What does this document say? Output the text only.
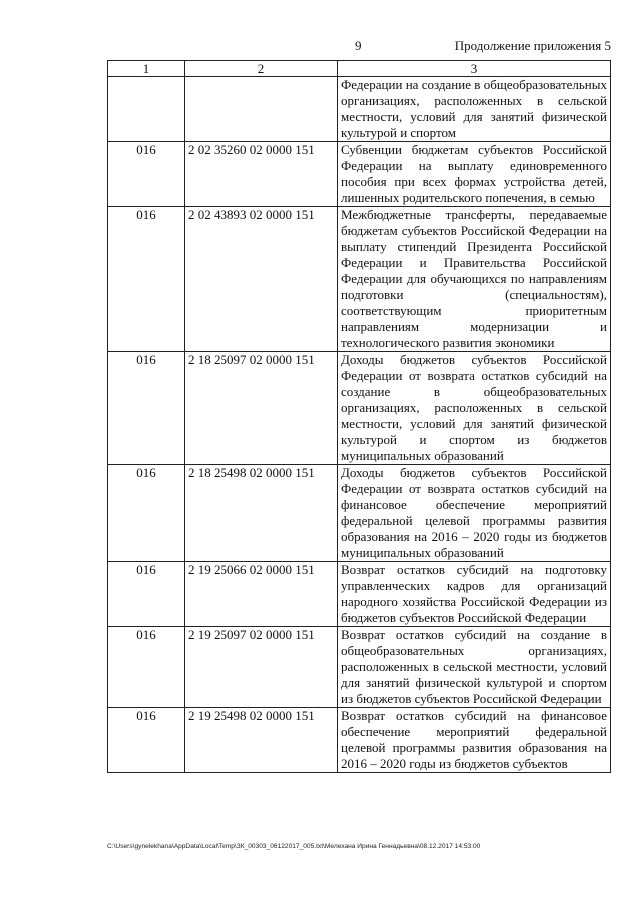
9	Продолжение приложения 5
1	2	3
		Федерации на создание в общеобразовательных организациях, расположенных в сельской местности, условий для занятий физической культурой и спортом
016	2 02 35260 02 0000 151	Субвенции бюджетам субъектов Российской Федерации на выплату единовременного пособия при всех формах устройства детей, лишенных родительского попечения, в семью
016	2 02 43893 02 0000 151	Межбюджетные трансферты, передаваемые бюджетам субъектов Российской Федерации на выплату стипендий Президента Российской Федерации и Правительства Российской Федерации для обучающихся по направлениям подготовки (специальностям), соответствующим приоритетным направлениям модернизации и технологического развития экономики
016	2 18 25097 02 0000 151	Доходы бюджетов субъектов Российской Федерации от возврата остатков субсидий на создание в общеобразовательных организациях, расположенных в сельской местности, условий для занятий физической культурой и спортом из бюджетов муниципальных образований
016	2 18 25498 02 0000 151	Доходы бюджетов субъектов Российской Федерации от возврата остатков субсидий на финансовое обеспечение мероприятий федеральной целевой программы развития образования на 2016 – 2020 годы из бюджетов муниципальных образований
016	2 19 25066 02 0000 151	Возврат остатков субсидий на подготовку управленческих кадров для организаций народного хозяйства Российской Федерации из бюджетов субъектов Российской Федерации
016	2 19 25097 02 0000 151	Возврат остатков субсидий на создание в общеобразовательных организациях, расположенных в сельской местности, условий для занятий физической культурой и спортом из бюджетов субъектов Российской Федерации
016	2 19 25498 02 0000 151	Возврат остатков субсидий на финансовое обеспечение мероприятий федеральной целевой программы развития образования на 2016 – 2020 годы из бюджетов субъектов
C:\Users\gynelekhana\AppData\Local\Temp\ЗК_00303_06122017_005.txt\Мелехана Ирина Геннадьевна\08.12.2017 14:53:00
